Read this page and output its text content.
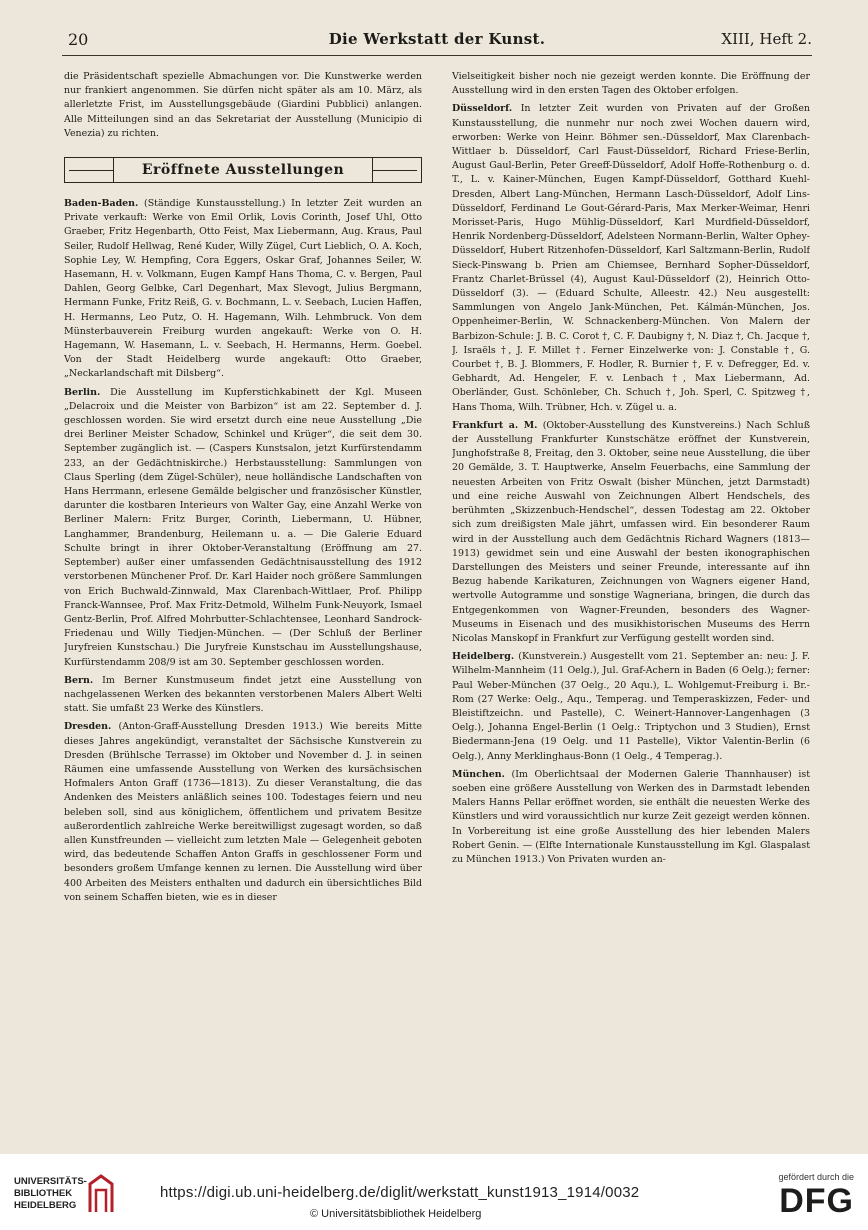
20	Die Werkstatt der Kunst.	XIII, Heft 2.

die Präsidentschaft spezielle Abmachungen vor. Die Kunstwerke werden nur frankiert angenommen. Sie dürfen nicht später als am 10. März, als allerletzte Frist, im Ausstellungsgebäude (Giardini Pubblici) anlangen. Alle Mitteilungen sind an das Sekretariat der Ausstellung (Municipio di Venezia) zu richten.

Eröffnete Ausstellungen

Baden-Baden. (Ständige Kunstausstellung.) In letzter Zeit wurden an Private verkauft: Werke von Emil Orlik, Lovis Corinth, Josef Uhl, Otto Graeber, Fritz Hegenbarth, Otto Feist, Max Liebermann, Aug. Kraus, Paul Seiler, Rudolf Hellwag, René Kuder, Willy Zügel, Curt Lieblich, O. A. Koch, Sophie Ley, W. Hempfing, Cora Eggers, Oskar Graf, Johannes Seiler, W. Hasemann, H. v. Volkmann, Eugen Kampf Hans Thoma, C. v. Bergen, Paul Dahlen, Georg Gelbke, Carl Degenhart, Max Slevogt, Julius Bergmann, Hermann Funke, Fritz Reiß, G. v. Bochmann, L. v. Seebach, Lucien Haffen, H. Hermanns, Leo Putz, O. H. Hagemann, Wilh. Lehmbruck. Von dem Münsterbauverein Freiburg wurden angekauft: Werke von O. H. Hagemann, W. Hasemann, L. v. Seebach, H. Hermanns, Herm. Goebel. Von der Stadt Heidelberg wurde angekauft: Otto Graeber, „Neckarlandschaft mit Dilsberg“.

Berlin. Die Ausstellung im Kupferstichkabinett der Kgl. Museen „Delacroix und die Meister von Barbizon“ ist am 22. September d. J. geschlossen worden. Sie wird ersetzt durch eine neue Ausstellung „Die drei Berliner Meister Schadow, Schinkel und Krüger“, die seit dem 30. September zugänglich ist. — (Caspers Kunstsalon, jetzt Kurfürstendamm 233, an der Gedächtniskirche.) Herbstausstellung: Sammlungen von Claus Sperling (dem Zügel-Schüler), neue holländische Landschaften von Hans Herrmann, erlesene Gemälde belgischer und französischer Künstler, darunter die kostbaren Interieurs von Walter Gay, eine Anzahl Werke von Berliner Malern: Fritz Burger, Corinth, Liebermann, U. Hübner, Langhammer, Brandenburg, Heilemann u. a. — Die Galerie Eduard Schulte bringt in ihrer Oktober-Veranstaltung (Eröffnung am 27. September) außer einer umfassenden Gedächtnisausstellung des 1912 verstorbenen Münchener Prof. Dr. Karl Haider noch größere Sammlungen von Erich Buchwald-Zinnwald, Max Clarenbach-Wittlaer, Prof. Philipp Franck-Wannsee, Prof. Max Fritz-Detmold, Wilhelm Funk-Neuyork, Ismael Gentz-Berlin, Prof. Alfred Mohrbutter-Schlachtensee, Leonhard Sandrock-Friedenau und Willy Tiedjen-München. — (Der Schluß der Berliner Juryfreien Kunstschau.) Die Juryfreie Kunstschau im Ausstellungshause, Kurfürstendamm 208/9 ist am 30. September geschlossen worden.

Bern. Im Berner Kunstmuseum findet jetzt eine Ausstellung von nachgelassenen Werken des bekannten verstorbenen Malers Albert Welti statt. Sie umfaßt 23 Werke des Künstlers.

Dresden. (Anton-Graff-Ausstellung Dresden 1913.) Wie bereits Mitte dieses Jahres angekündigt, veranstaltet der Sächsische Kunstverein zu Dresden (Brühlsche Terrasse) im Oktober und November d. J. in seinen Räumen eine umfassende Ausstellung von Werken des kursächsischen Hofmalers Anton Graff (1736—1813). Zu dieser Veranstaltung, die das Andenken des Meisters anläßlich seines 100. Todestages feiern und neu beleben soll, sind aus königlichem, öffentlichem und privatem Besitze außerordentlich zahlreiche Werke bereitwilligst zugesagt worden, so daß allen Kunstfreunden — vielleicht zum letzten Male — Gelegenheit geboten wird, das bedeutende Schaffen Anton Graffs in geschlossener Form und besonders großem Umfange kennen zu lernen. Die Ausstellung wird über 400 Arbeiten des Meisters enthalten und dadurch ein übersichtliches Bild von seinem Schaffen bieten, wie es in dieser

Vielseitigkeit bisher noch nie gezeigt werden konnte. Die Eröffnung der Ausstellung wird in den ersten Tagen des Oktober erfolgen.

Düsseldorf. In letzter Zeit wurden von Privaten auf der Großen Kunstausstellung, die nunmehr nur noch zwei Wochen dauern wird, erworben: Werke von Heinr. Böhmer sen.-Düsseldorf, Max Clarenbach-Wittlaer b. Düsseldorf, Carl Faust-Düsseldorf, Richard Friese-Berlin, August Gaul-Berlin, Peter Greeff-Düsseldorf, Adolf Hoffe-Rothenburg o. d. T., L. v. Kainer-München, Eugen Kampf-Düsseldorf, Gotthard Kuehl-Dresden, Albert Lang-München, Hermann Lasch-Düsseldorf, Adolf Lins-Düsseldorf, Ferdinand Le Gout-Gérard-Paris, Max Merker-Weimar, Henri Morisset-Paris, Hugo Mühlig-Düsseldorf, Karl Murdfield-Düsseldorf, Henrik Nordenberg-Düsseldorf, Adelsteen Normann-Berlin, Walter Ophey-Düsseldorf, Hubert Ritzenhofen-Düsseldorf, Karl Saltzmann-Berlin, Rudolf Sieck-Pinswang b. Prien am Chiemsee, Bernhard Sopher-Düsseldorf, Frantz Charlet-Brüssel (4), August Kaul-Düsseldorf (2), Heinrich Otto-Düsseldorf (3). — (Eduard Schulte, Alleestr. 42.) Neu ausgestellt: Sammlungen von Angelo Jank-München, Pet. Kálmán-München, Jos. Oppenheimer-Berlin, W. Schnackenberg-München. Von Malern der Barbizon-Schule: J. B. C. Corot †, C. F. Daubigny †, N. Diaz †, Ch. Jacque †, J. Israëls †, J. F. Millet †. Ferner Einzelwerke von: J. Constable †, G. Courbet †, B. J. Blommers, F. Hodler, R. Burnier †, F. v. Defregger, Ed. v. Gebhardt, Ad. Hengeler, F. v. Lenbach †, Max Liebermann, Ad. Oberländer, Gust. Schönleber, Ch. Schuch †, Joh. Sperl, C. Spitzweg †, Hans Thoma, Wilh. Trübner, Hch. v. Zügel u. a.

Frankfurt a. M. (Oktober-Ausstellung des Kunstvereins.) Nach Schluß der Ausstellung Frankfurter Kunstschätze eröffnet der Kunstverein, Junghofstraße 8, Freitag, den 3. Oktober, seine neue Ausstellung, die über 20 Gemälde, 3. T. Hauptwerke, Anselm Feuerbachs, eine Sammlung der neuesten Arbeiten von Fritz Oswalt (bisher München, jetzt Darmstadt) und eine reiche Auswahl von Zeichnungen Albert Hendschels, des berühmten „Skizzenbuch-Hendschel“, dessen Todestag am 22. Oktober sich zum dreißigsten Male jährt, umfassen wird. Ein besonderer Raum wird in der Ausstellung auch dem Gedächtnis Richard Wagners (1813—1913) gewidmet sein und eine Auswahl der besten ikonographischen Darstellungen des Meisters und seiner Freunde, interessante auf ihn Bezug habende Karikaturen, Zeichnungen von Wagners eigener Hand, wertvolle Autogramme und sonstige Wagneriana, bringen, die durch das Entgegenkommen von Wagner-Freunden, besonders des Wagner-Museums in Eisenach und des musikhistorischen Museums des Herrn Nicolas Manskopf in Frankfurt zur Verfügung gestellt worden sind.

Heidelberg. (Kunstverein.) Ausgestellt vom 21. September an: neu: J. F. Wilhelm-Mannheim (11 Oelg.), Jul. Graf-Achern in Baden (6 Oelg.); ferner: Paul Weber-München (37 Oelg., 20 Aqu.), L. Wohlgemut-Freiburg i. Br.-Rom (27 Werke: Oelg., Aqu., Temperag. und Temperaskizzen, Feder- und Bleistiftzeichn. und Pastelle), C. Weinert-Hannover-Langenhagen (3 Oelg.), Johanna Engel-Berlin (1 Oelg.: Triptychon und 3 Studien), Ernst Biedermann-Jena (19 Oelg. und 11 Pastelle), Viktor Valentin-Berlin (6 Oelg.), Anny Merklinghaus-Bonn (1 Oelg., 4 Temperag.).

München. (Im Oberlichtsaal der Modernen Galerie Thannhauser) ist soeben eine größere Ausstellung von Werken des in Darmstadt lebenden Malers Hanns Pellar eröffnet worden, sie enthält die neuesten Werke des Künstlers und wird voraussichtlich nur kurze Zeit gezeigt werden können. In Vorbereitung ist eine große Ausstellung des hier lebenden Malers Robert Genin. — (Elfte Internationale Kunstausstellung im Kgl. Glaspalast zu München 1913.) Von Privaten wurden an-

UNIVERSITÄTS-
BIBLIOTHEK
HEIDELBERG
https://digi.ub.uni-heidelberg.de/diglit/werkstatt_kunst1913_1914/0032
© Universitätsbibliothek Heidelberg
gefördert durch die
DFG
